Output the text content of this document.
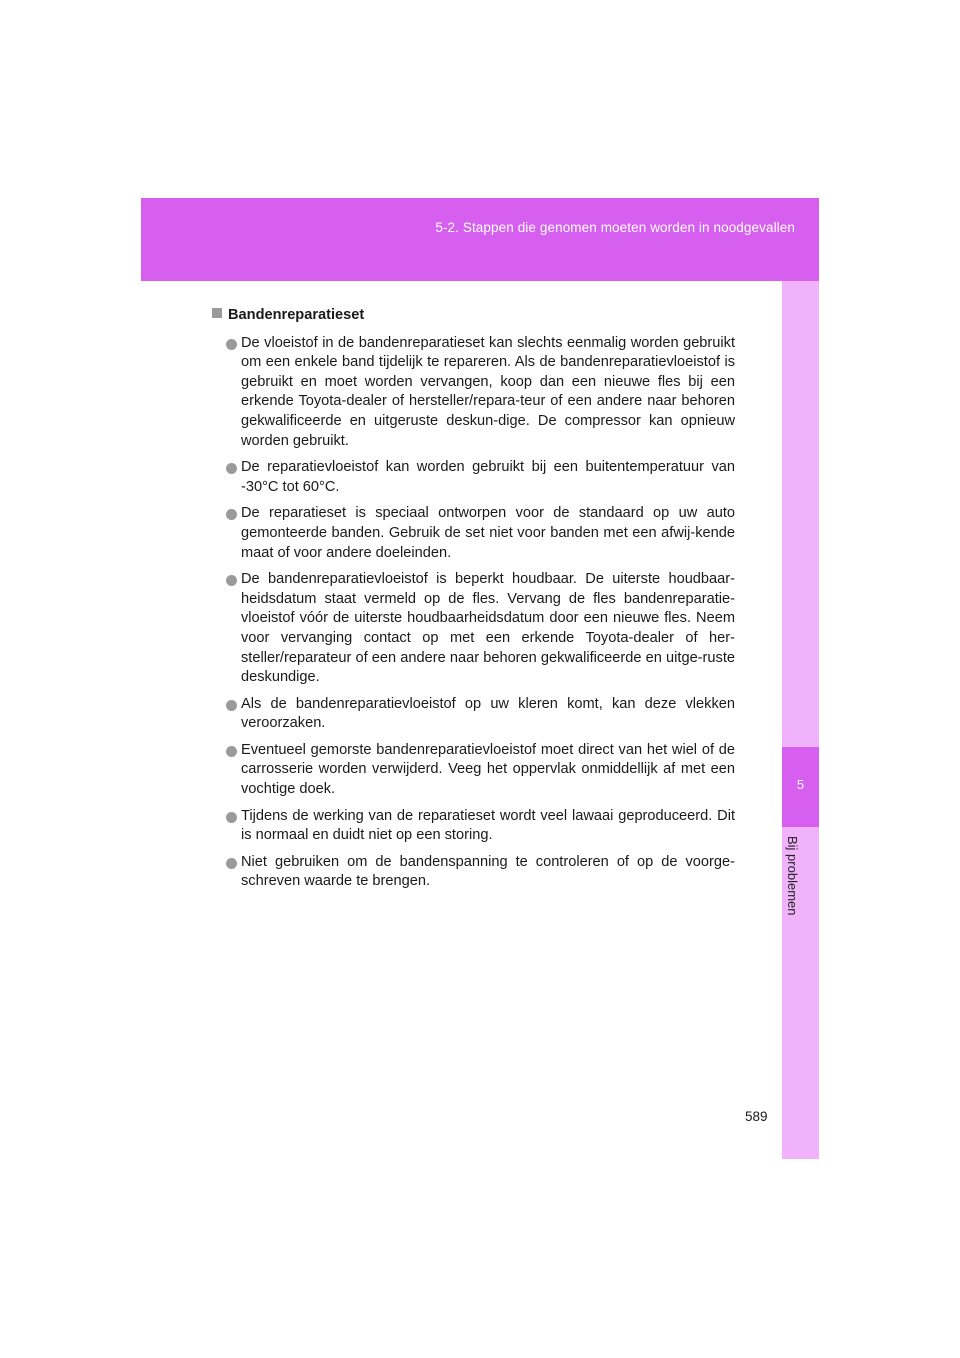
5-2. Stappen die genomen moeten worden in noodgevallen
5
Bij problemen
Bandenreparatieset
De vloeistof in de bandenreparatieset kan slechts eenmalig worden gebruikt om een enkele band tijdelijk te repareren. Als de bandenreparatievloeistof is gebruikt en moet worden vervangen, koop dan een nieuwe fles bij een erkende Toyota-dealer of hersteller/repara-teur of een andere naar behoren gekwalificeerde en uitgeruste deskun-dige. De compressor kan opnieuw worden gebruikt.
De reparatievloeistof kan worden gebruikt bij een buitentemperatuur van -30°C tot 60°C.
De reparatieset is speciaal ontworpen voor de standaard op uw auto gemonteerde banden. Gebruik de set niet voor banden met een afwij-kende maat of voor andere doeleinden.
De bandenreparatievloeistof is beperkt houdbaar. De uiterste houdbaar-heidsdatum staat vermeld op de fles. Vervang de fles bandenreparatie-vloeistof vóór de uiterste houdbaarheidsdatum door een nieuwe fles. Neem voor vervanging contact op met een erkende Toyota-dealer of her-steller/reparateur of een andere naar behoren gekwalificeerde en uitge-ruste deskundige.
Als de bandenreparatievloeistof op uw kleren komt, kan deze vlekken veroorzaken.
Eventueel gemorste bandenreparatievloeistof moet direct van het wiel of de carrosserie worden verwijderd. Veeg het oppervlak onmiddellijk af met een vochtige doek.
Tijdens de werking van de reparatieset wordt veel lawaai geproduceerd. Dit is normaal en duidt niet op een storing.
Niet gebruiken om de bandenspanning te controleren of op de voorge-schreven waarde te brengen.
589
